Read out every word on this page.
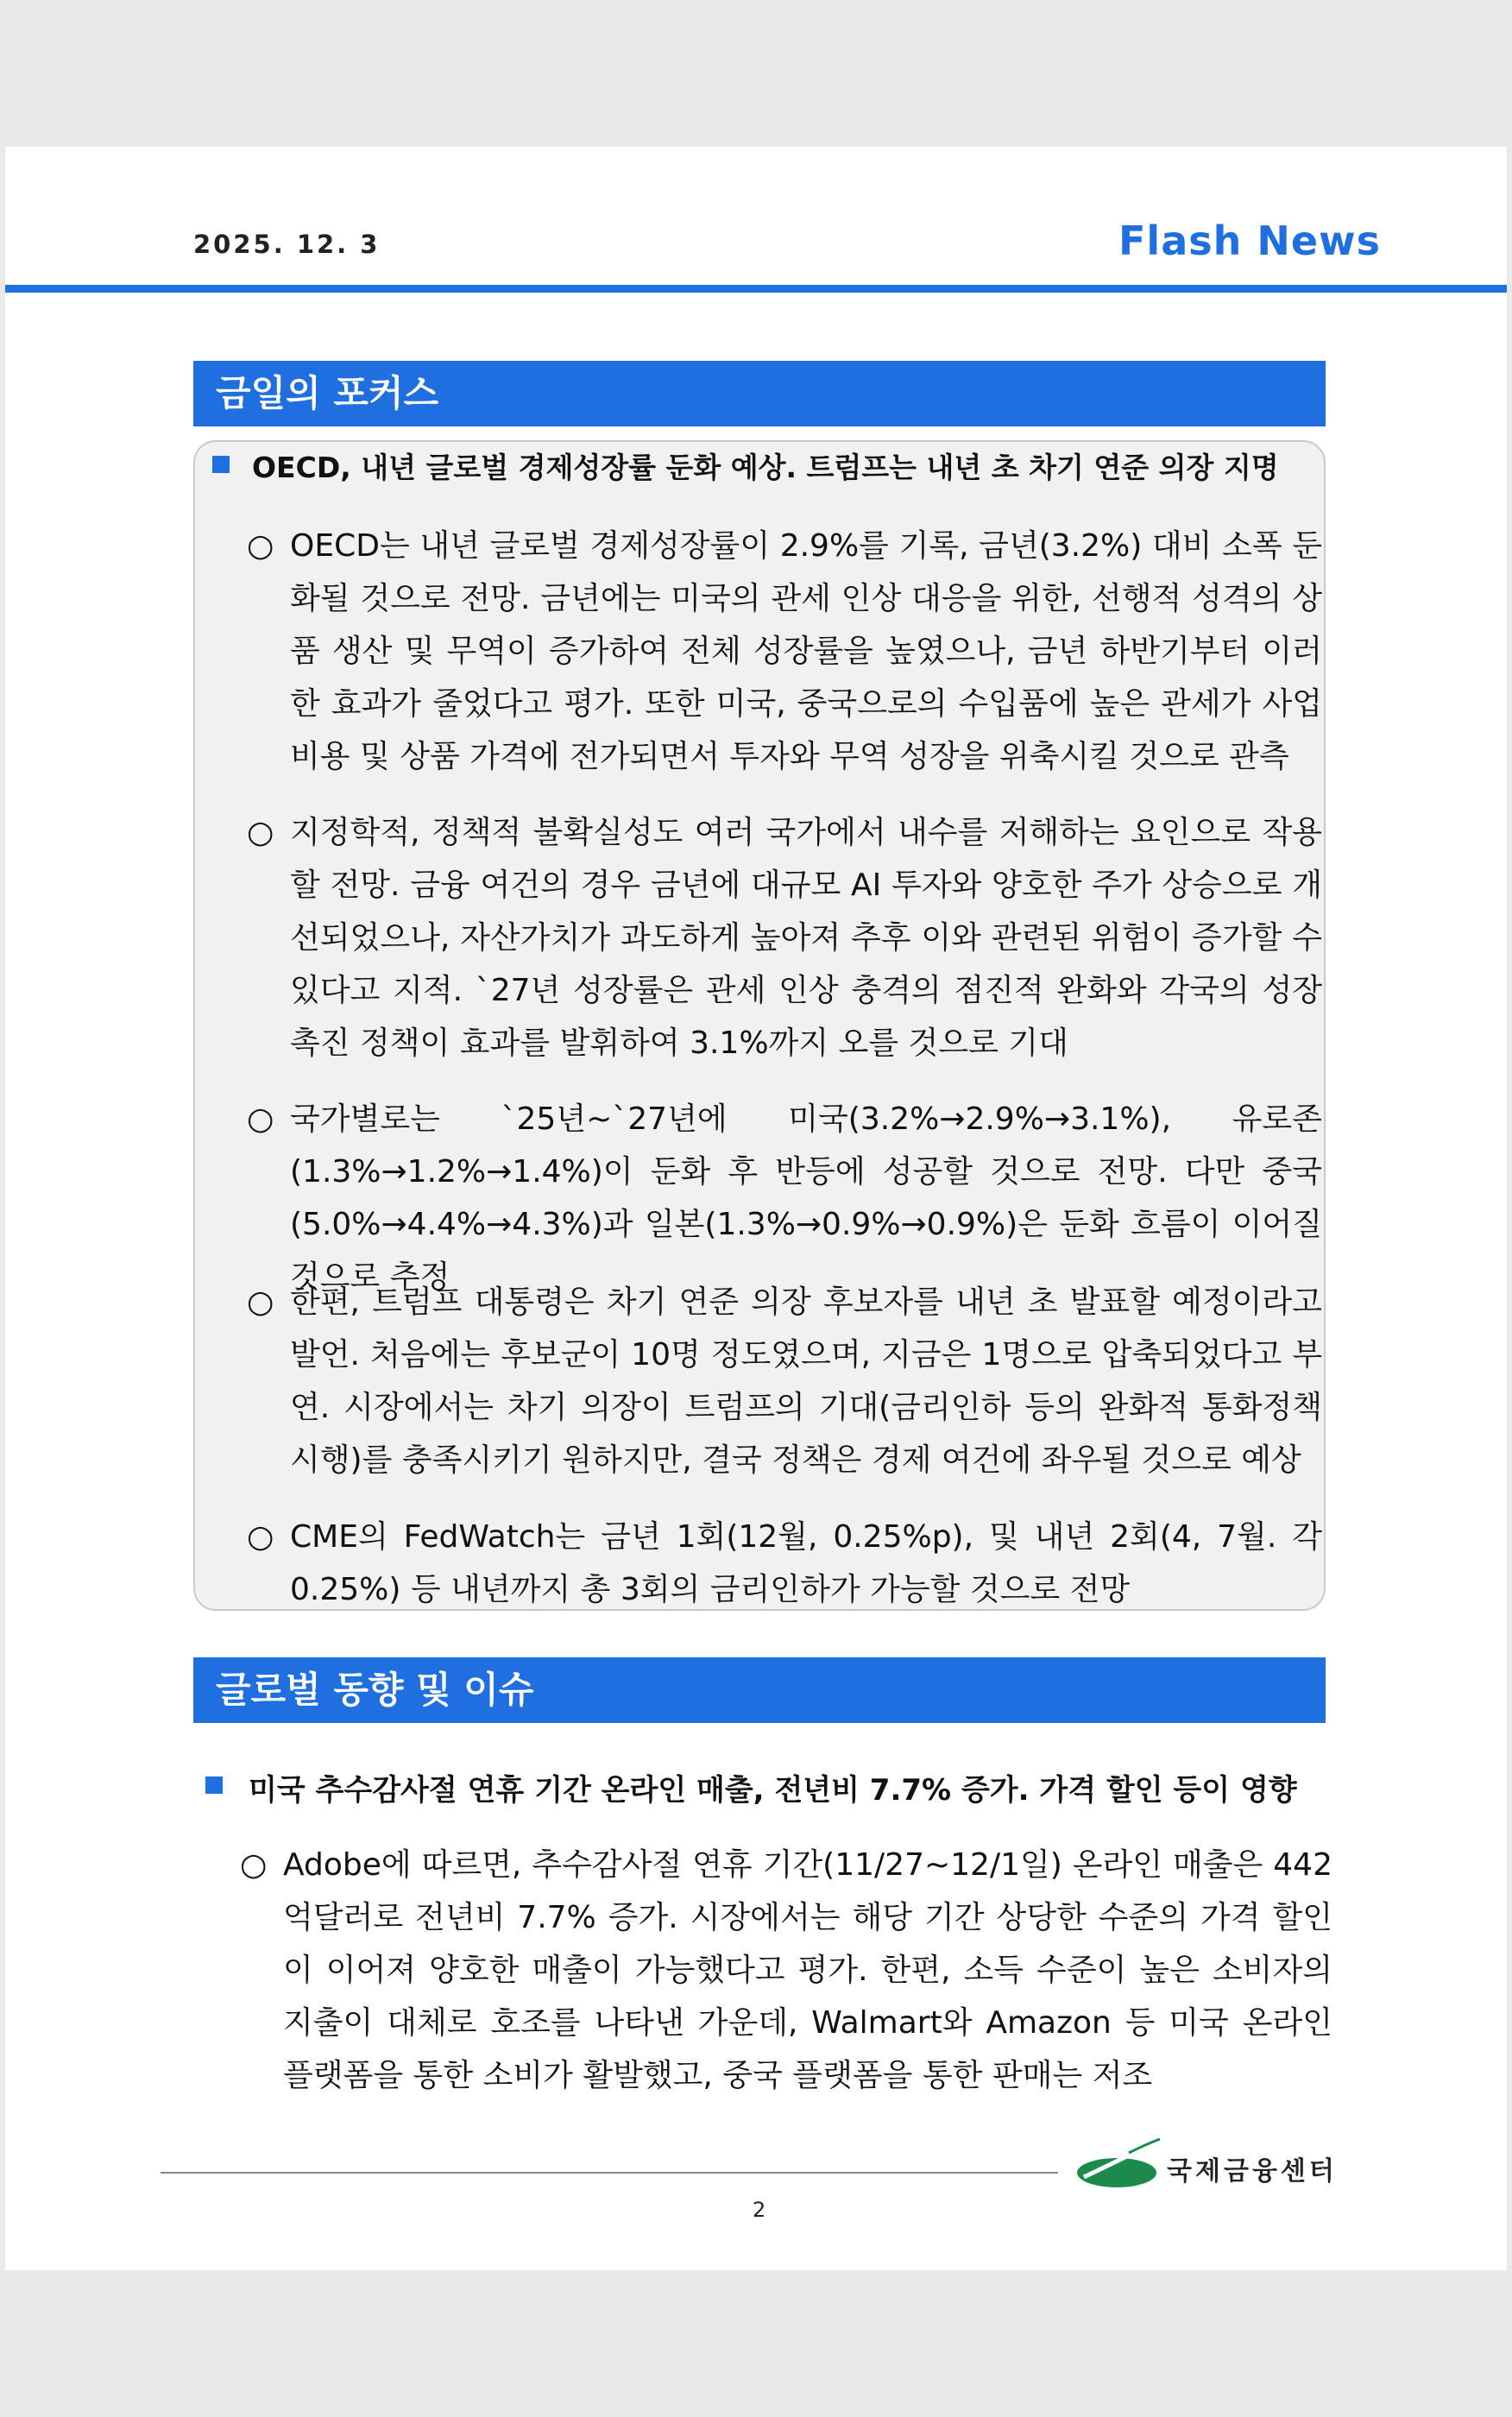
2025. 12. 3	Flash News
금일의 포커스
OECD, 내년 글로벌 경제성장률 둔화 예상. 트럼프는 내년 초 차기 연준 의장 지명
○ OECD는 내년 글로벌 경제성장률이 2.9%를 기록, 금년(3.2%) 대비 소폭 둔화될 것으로 전망. 금년에는 미국의 관세 인상 대응을 위한, 선행적 성격의 상품 생산 및 무역이 증가하여 전체 성장률을 높였으나, 금년 하반기부터 이러한 효과가 줄었다고 평가. 또한 미국, 중국으로의 수입품에 높은 관세가 사업비용 및 상품 가격에 전가되면서 투자와 무역 성장을 위축시킬 것으로 관측
○ 지정학적, 정책적 불확실성도 여러 국가에서 내수를 저해하는 요인으로 작용할 전망. 금융 여건의 경우 금년에 대규모 AI 투자와 양호한 주가 상승으로 개선되었으나, 자산가치가 과도하게 높아져 추후 이와 관련된 위험이 증가할 수 있다고 지적. `27년 성장률은 관세 인상 충격의 점진적 완화와 각국의 성장 촉진 정책이 효과를 발휘하여 3.1%까지 오를 것으로 기대
○ 국가별로는 `25년~`27년에 미국(3.2%→2.9%→3.1%), 유로존(1.3%→1.2%→1.4%)이 둔화 후 반등에 성공할 것으로 전망. 다만 중국(5.0%→4.4%→4.3%)과 일본(1.3%→0.9%→0.9%)은 둔화 흐름이 이어질 것으로 추정
○ 한편, 트럼프 대통령은 차기 연준 의장 후보자를 내년 초 발표할 예정이라고 발언. 처음에는 후보군이 10명 정도였으며, 지금은 1명으로 압축되었다고 부연. 시장에서는 차기 의장이 트럼프의 기대(금리인하 등의 완화적 통화정책 시행)를 충족시키기 원하지만, 결국 정책은 경제 여건에 좌우될 것으로 예상
○ CME의 FedWatch는 금년 1회(12월, 0.25%p), 및 내년 2회(4, 7월. 각 0.25%) 등 내년까지 총 3회의 금리인하가 가능할 것으로 전망
글로벌 동향 및 이슈
미국 추수감사절 연휴 기간 온라인 매출, 전년비 7.7% 증가. 가격 할인 등이 영향
○ Adobe에 따르면, 추수감사절 연휴 기간(11/27~12/1일) 온라인 매출은 442억달러로 전년비 7.7% 증가. 시장에서는 해당 기간 상당한 수준의 가격 할인이 이어져 양호한 매출이 가능했다고 평가. 한편, 소득 수준이 높은 소비자의 지출이 대체로 호조를 나타낸 가운데, Walmart와 Amazon 등 미국 온라인 플랫폼을 통한 소비가 활발했고, 중국 플랫폼을 통한 판매는 저조
2
국제금융센터
